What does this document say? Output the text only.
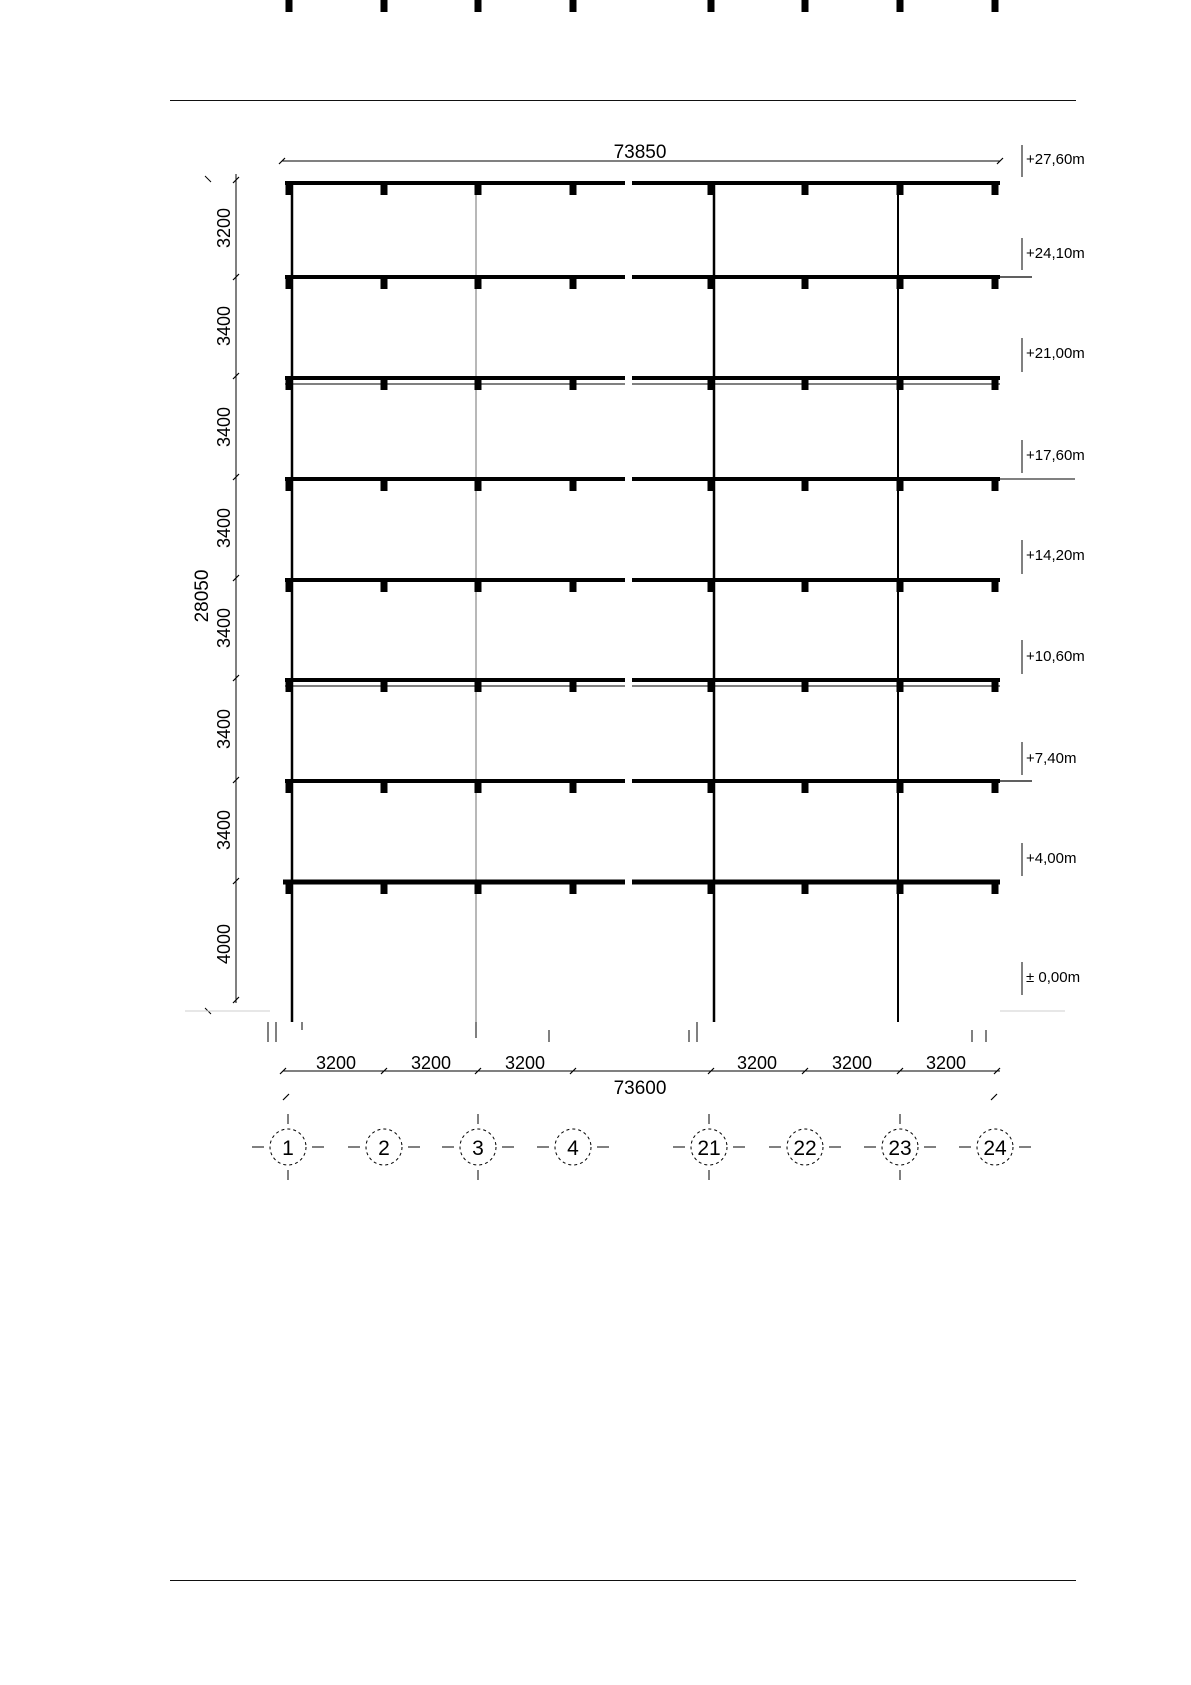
73850
3200
3400
3400
3400
3400
3400
3400
4000
28050
+27,60m
+24,10m
+21,00m
+17,60m
+14,20m
+10,60m
+7,40m
+4,00m
± 0,00m
3200	3200	3200	3200	3200	3200
73600
1	2	3	4	21	22	23	24
